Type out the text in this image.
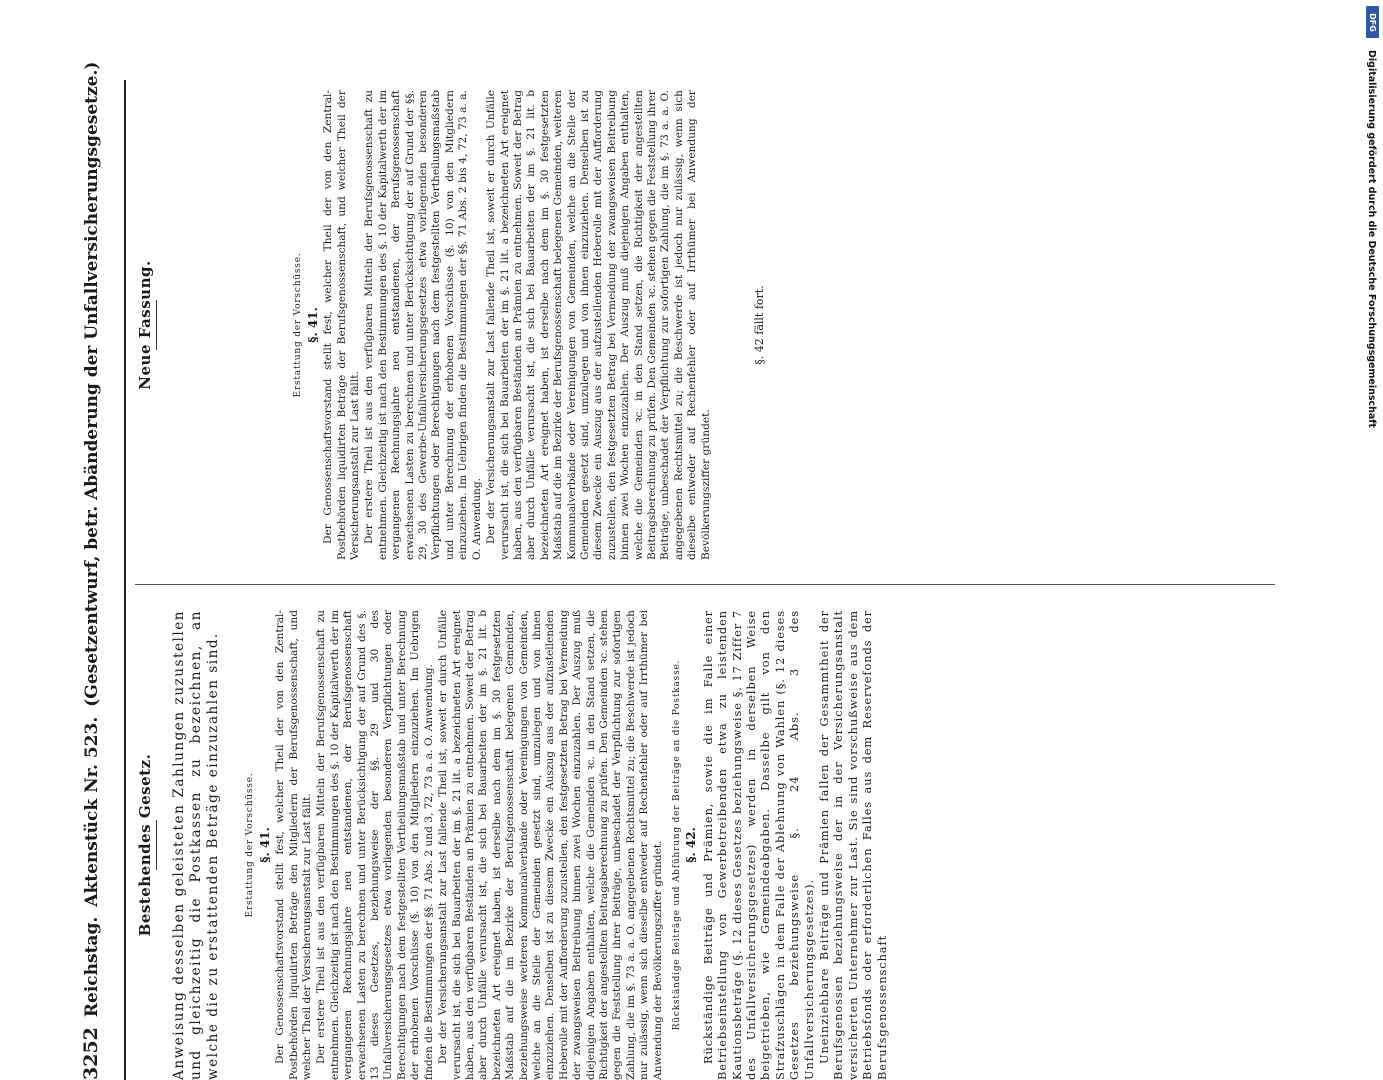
3252
Reichstag.
Aktenstück Nr. 523.
(Gesetzentwurf, betr. Abänderung der Unfallversicherungsgesetze.)
Bestehendes Gesetz. Anweisung desselben geleisteten Zahlungen zuzustellen und gleichzeitig die Postkassen zu bezeichnen, an welche die zu erstattenden Beträge einzuzahlen sind.	Erstattung der Vorschüsse. §. 41. Der Genossenschaftsvorstand stellt fest, welcher Theil der von den Zentral-Postbehörden liquidirten Beträge den Mitgliedern der Berufsgenossenschaft, und welcher Theil der Versicherungsanstalt zur Last fällt. Der erstere Theil ist aus den verfügbaren Mitteln der Berufsgenossenschaft zu entnehmen. Gleichzeitig ist nach den Bestimmungen des §. 10 der Kapitalwerth der im vergangenen Rechnungsjahre neu entstandenen, der Berufsgenossenschaft erwachsenen Lasten zu berechnen und unter Berücksichtigung der auf Grund des §. 13 dieses Gesetzes, beziehungsweise der §§. 29 und 30 des Unfallversicherungsgesetzes etwa vorliegenden besonderen Verpflichtungen oder Berechtigungen nach dem festgestellten Vertheilungsmaßstab und unter Berechnung der erhobenen Vorschüsse (§. 10) von den Mitgliedern einzuziehen. Im Uebrigen finden die Bestimmungen der §§. 71 Abs. 2 und 3, 72, 73 a. a. O. Anwendung. Der der Versicherungsanstalt zur Last fallende Theil ist, soweit er durch Unfälle verursacht ist, die sich bei Bauarbeiten der im §. 21 lit. a bezeichneten Art ereignet haben, aus den verfügbaren Beständen an Prämien zu entnehmen. Soweit der Betrag aber durch Unfälle verursacht ist, die sich bei Bauarbeiten der im §. 21 lit. b bezeichneten Art ereignet haben, ist derselbe nach dem im §. 30 festgesetzten Maßstab auf die im Bezirke der Berufsgenossenschaft belegenen Gemeinden, beziehungsweise weiteren Kommunalverbände oder Vereinigungen von Gemeinden, welche an die Stelle der Gemeinden gesetzt sind, umzulegen und von ihnen einzuziehen. Denselben ist zu diesem Zwecke ein Auszug aus der aufzustellenden Heberolle mit der Aufforderung zuzustellen, den festgesetzten Betrag bei Vermeidung der zwangsweisen Beitreibung binnen zwei Wochen einzuzahlen. Der Auszug muß diejenigen Angaben enthalten, welche die Gemeinden ꝛc. in den Stand setzen, die Richtigkeit der angestellten Beitragsberechnung zu prüfen. Den Gemeinden ꝛc. stehen gegen die Feststellung ihrer Beiträge, unbeschadet der Verpflichtung zur sofortigen Zahlung, die im §. 73 a. a. O. angegebenen Rechtsmittel zu; die Beschwerde ist jedoch nur zulässig, wenn sich dieselbe entweder auf Rechenfehler oder auf Irrthümer bei Anwendung der Bevölkerungsziffer gründet. Rückständige Beiträge und Abführung der Beiträge an die Postkasse. §. 42. Rückständige Beiträge und Prämien, sowie die im Falle einer Betriebseinstellung von Gewerbetreibenden etwa zu leistenden Kautionsbeträge (§. 12 dieses Gesetzes beziehungsweise §. 17 Ziffer 7 des Unfallversicherungsgesetzes) werden in derselben Weise beigetrieben, wie Gemeindeabgaben. Dasselbe gilt von den Strafzuschlägen in dem Falle der Ablehnung von Wahlen (§. 12 dieses Gesetzes beziehungsweise §. 24 Abs. 3 des Unfallversicherungsgesetzes). Uneinziehbare Beiträge und Prämien fallen der Gesammtheit der Berufsgenossen beziehungsweise der in der Versicherungsanstalt versicherten Unternehmer zur Last. Sie sind vorschußweise aus dem Betriebsfonds oder erforderlichen Falles aus dem Reservefonds der Berufsgenossenschaft

Neue Fassung.	Erstattung der Vorschüsse. §. 41. Der Genossenschaftsvorstand stellt fest, welcher Theil der von den Zentral-Postbehörden liquidirten Beträge der Berufsgenossenschaft, und welcher Theil der Versicherungsanstalt zur Last fällt. Der erstere Theil ist aus den verfügbaren Mitteln der Berufsgenossenschaft zu entnehmen. Gleichzeitig ist nach den Bestimmungen des §. 10 der Kapitalwerth der im vergangenen Rechnungsjahre neu entstandenen, der Berufsgenossenschaft erwachsenen Lasten zu berechnen und unter Berücksichtigung der auf Grund der §§. 29, 30 des Gewerbe-Unfallversicherungsgesetzes etwa vorliegenden besonderen Verpflichtungen oder Berechtigungen nach dem festgestellten Vertheilungsmaßstab und unter Berechnung der erhobenen Vorschüsse (§. 10) von den Mitgliedern einzuziehen. Im Uebrigen finden die Bestimmungen der §§. 71 Abs. 2 bis 4, 72, 73 a. a. O. Anwendung. Der der Versicherungsanstalt zur Last fallende Theil ist, soweit er durch Unfälle verursacht ist, die sich bei Bauarbeiten der im §. 21 lit. a bezeichneten Art ereignet haben, aus den verfügbaren Beständen an Prämien zu entnehmen. Soweit der Betrag aber durch Unfälle verursacht ist, die sich bei Bauarbeiten der im §. 21 lit. b bezeichneten Art ereignet haben, ist derselbe nach dem im §. 30 festgesetzten Maßstab auf die im Bezirke der Berufsgenossenschaft belegenen Gemeinden, weiteren Kommunalverbände oder Vereinigungen von Gemeinden, welche an die Stelle der Gemeinden gesetzt sind, umzulegen und von ihnen einzuziehen. Denselben ist zu diesem Zwecke ein Auszug aus der aufzustellenden Heberolle mit der Aufforderung zuzustellen, den festgesetzten Betrag bei Vermeidung der zwangsweisen Beitreibung binnen zwei Wochen einzuzahlen. Der Auszug muß diejenigen Angaben enthalten, welche die Gemeinden ꝛc. in den Stand setzen, die Richtigkeit der angestellten Beitragsberechnung zu prüfen. Den Gemeinden ꝛc. stehen gegen die Feststellung ihrer Beiträge, unbeschadet der Verpflichtung zur sofortigen Zahlung, die im §. 73 a. a. O. angegebenen Rechtsmittel zu; die Beschwerde ist jedoch nur zulässig, wenn sich dieselbe entweder auf Rechenfehler oder auf Irrthümer bei Anwendung der Bevölkerungsziffer gründet.

§. 42 fällt fort.	Digitalisierung gefördert durch die Deutsche Forschungsgemeinschaft
DFG
